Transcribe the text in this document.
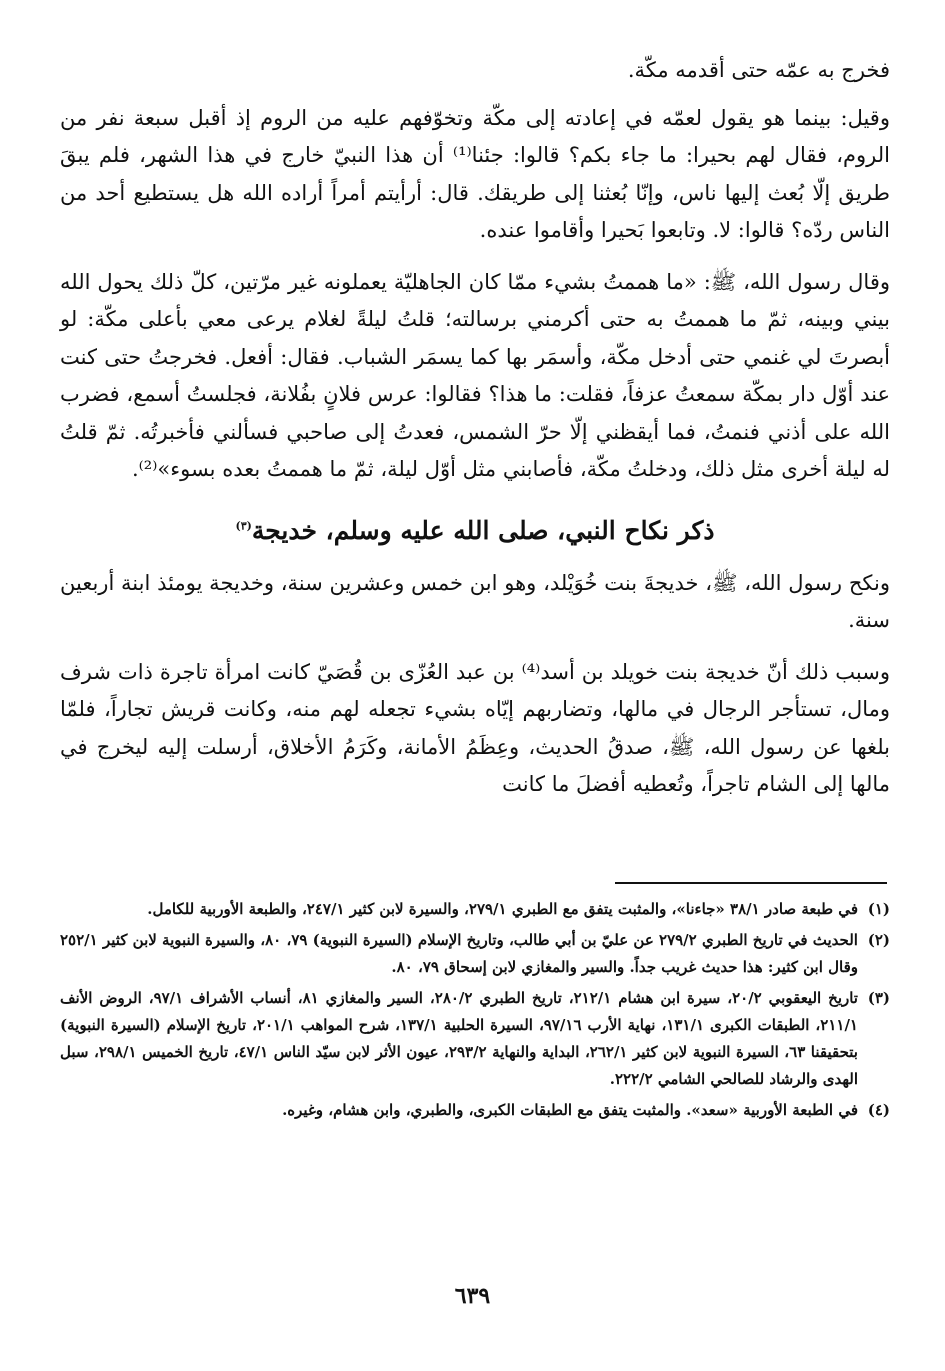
فخرج به عمّه حتى أقدمه مكّة.

وقيل: بينما هو يقول لعمّه في إعادته إلى مكّة وتخوّفهم عليه من الروم إذ أقبل سبعة نفر من الروم، فقال لهم بحيرا: ما جاء بكم؟ قالوا: جئنا⁽¹⁾ أن هذا النبيّ خارج في هذا الشهر، فلم يبقَ طريق إلّا بُعث إليها ناس، وإنّا بُعثنا إلى طريقك. قال: أرأيتم أمراً أراده الله هل يستطيع أحد من الناس ردّه؟ قالوا: لا. وتابعوا بَحيرا وأقاموا عنده.

وقال رسول الله، ﷺ: «ما هممتُ بشيء ممّا كان الجاهليّة يعملونه غير مرّتين، كلّ ذلك يحول الله بيني وبينه، ثمّ ما هممتُ به حتى أكرمني برسالته؛ قلتُ ليلةً لغلام يرعى معي بأعلى مكّة: لو أبصرتَ لي غنمي حتى أدخل مكّة، وأسمَر بها كما يسمَر الشباب. فقال: أفعل. فخرجتُ حتى كنت عند أوّل دار بمكّة سمعتُ عزفاً، فقلت: ما هذا؟ فقالوا: عرس فلانٍ بفُلانة، فجلستُ أسمع، فضرب الله على أذني فنمتُ، فما أيقظني إلّا حرّ الشمس، فعدتُ إلى صاحبي فسألني فأخبرتُه. ثمّ قلتُ له ليلة أخرى مثل ذلك، ودخلتُ مكّة، فأصابني مثل أوّل ليلة، ثمّ ما هممتُ بعده بسوء»⁽²⁾.

ذكر نكاح النبي، صلى الله عليه وسلم، خديجة$^{(٣)}$

ونكح رسول الله، ﷺ، خديجةَ بنت خُوَيْلد، وهو ابن خمس وعشرين سنة، وخديجة يومئذ ابنة أربعين سنة.

وسبب ذلك أنّ خديجة بنت خويلد بن أسد⁽⁴⁾ بن عبد العُزّى بن قُصَيّ كانت امرأة تاجرة ذات شرف ومال، تستأجر الرجال في مالها، وتضاربهم إيّاه بشيء تجعله لهم منه، وكانت قريش تجاراً، فلمّا بلغها عن رسول الله، ﷺ، صدقُ الحديث، وعِظَمُ الأمانة، وكَرَمُ الأخلاق، أرسلت إليه ليخرج في مالها إلى الشام تاجراً، وتُعطيه أفضلَ ما كانت

(١)
في طبعة صادر ٣٨/١ «جاءنا»، والمثبت يتفق مع الطبري ٢٧٩/١، والسيرة لابن كثير ٢٤٧/١، والطبعة الأوربية للكامل.
(٢)
الحديث في تاريخ الطبري ٢٧٩/٢ عن عليّ بن أبي طالب، وتاريخ الإسلام (السيرة النبوية) ٧٩، ٨٠، والسيرة النبوية لابن كثير ٢٥٢/١ وقال ابن كثير: هذا حديث غريب جداً. والسير والمغازي لابن إسحاق ٧٩، ٨٠.
(٣)
تاريخ اليعقوبي ٢٠/٢، سيرة ابن هشام ٢١٢/١، تاريخ الطبري ٢٨٠/٢، السير والمغازي ٨١، أنساب الأشراف ٩٧/١، الروض الأنف ٢١١/١، الطبقات الكبرى ١٣١/١، نهاية الأرب ٩٧/١٦، السيرة الحلبية ١٣٧/١، شرح المواهب ٢٠١/١، تاريخ الإسلام (السيرة النبوية) بتحقيقنا ٦٣، السيرة النبوية لابن كثير ٢٦٢/١، البداية والنهاية ٢٩٣/٢، عيون الأثر لابن سيّد الناس ٤٧/١، تاريخ الخميس ٢٩٨/١، سبل الهدى والرشاد للصالحي الشامي ٢٢٢/٢.
(٤)
في الطبعة الأوربية «سعد». والمثبت يتفق مع الطبقات الكبرى، والطبري، وابن هشام، وغيره.
٦٣٩
